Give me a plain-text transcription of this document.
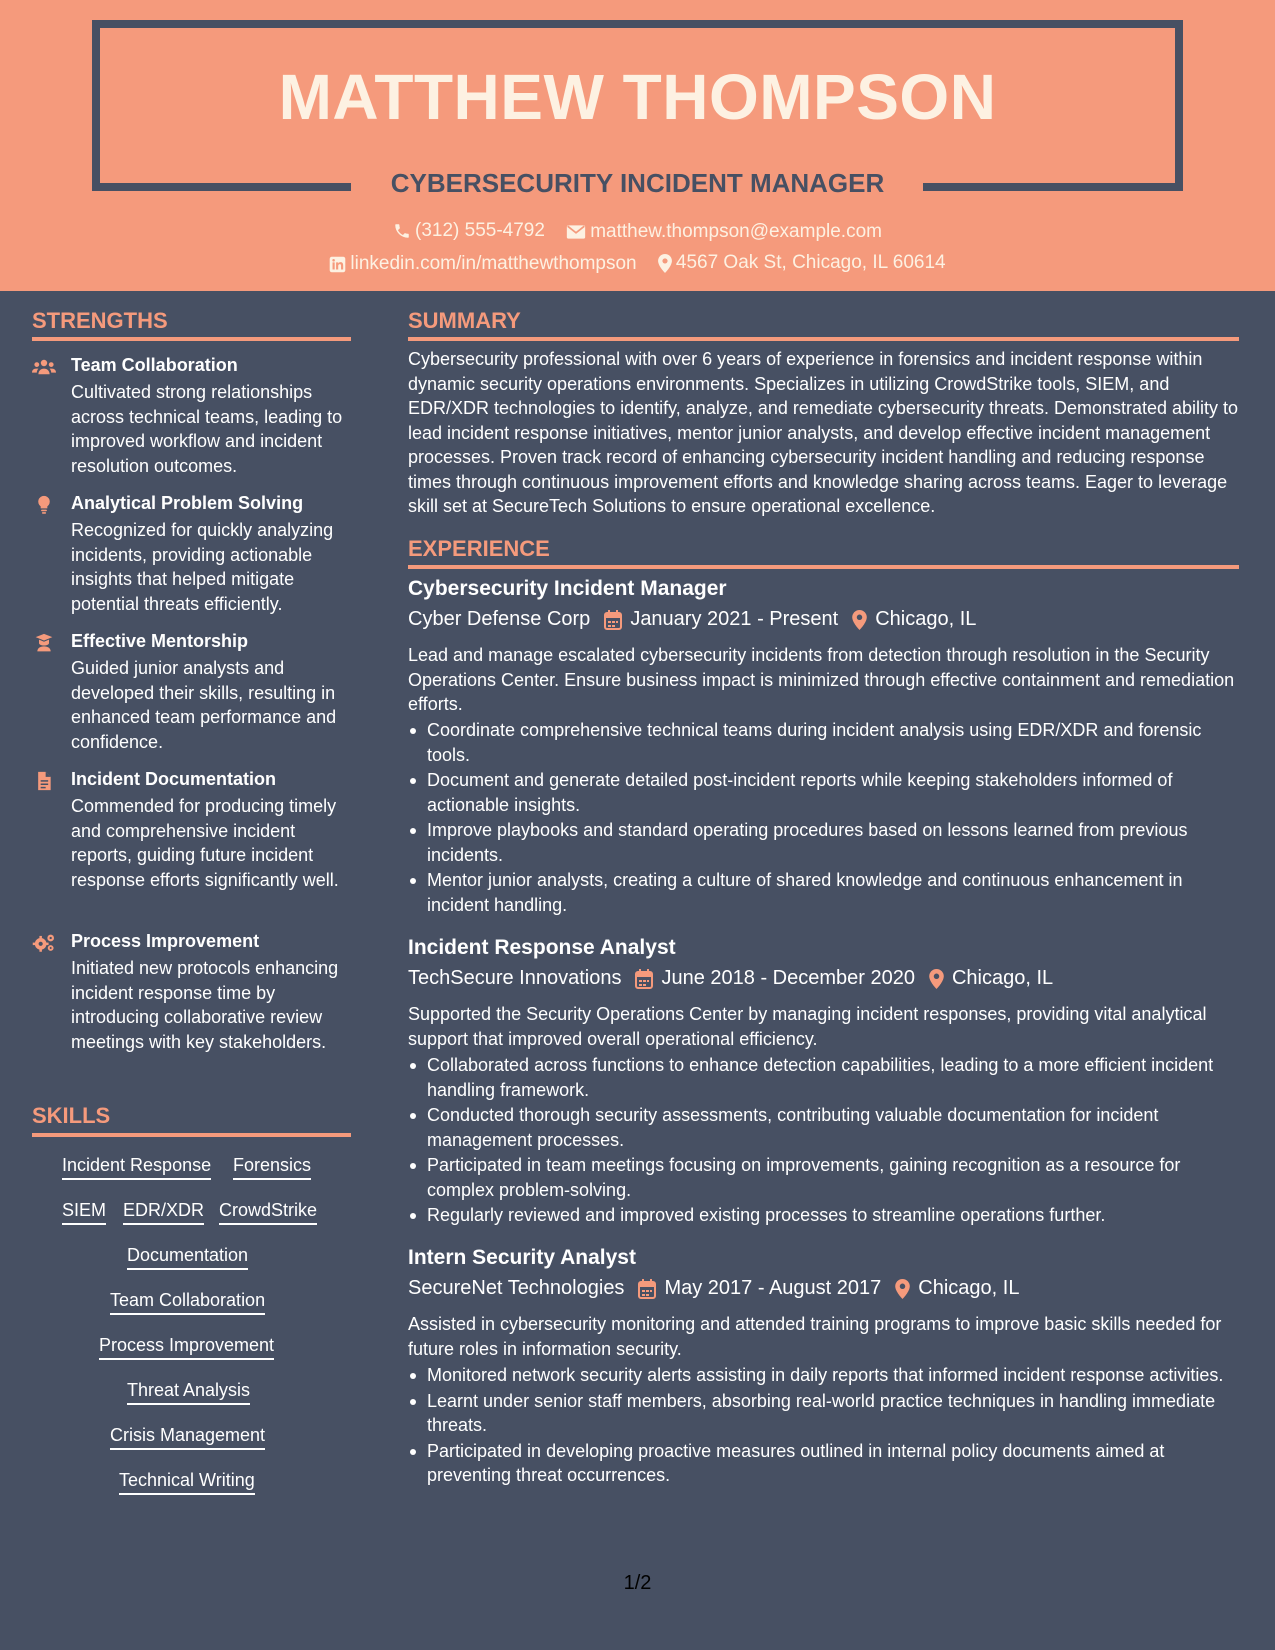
MATTHEW THOMPSON
CYBERSECURITY INCIDENT MANAGER
(312) 555-4792
matthew.thompson@example.com
linkedin.com/in/matthewthompson
4567 Oak St, Chicago, IL 60614
STRENGTHS
Team Collaboration
Cultivated strong relationships across technical teams, leading to improved workflow and incident resolution outcomes.
Analytical Problem Solving
Recognized for quickly analyzing incidents, providing actionable insights that helped mitigate potential threats efficiently.
Effective Mentorship
Guided junior analysts and developed their skills, resulting in enhanced team performance and confidence.
Incident Documentation
Commended for producing timely and comprehensive incident reports, guiding future incident response efforts significantly well.
Process Improvement
Initiated new protocols enhancing incident response time by introducing collaborative review meetings with key stakeholders.
SKILLS
Incident Response Forensics
SIEM EDR/XDR CrowdStrike
Documentation
Team Collaboration
Process Improvement
Threat Analysis
Crisis Management
Technical Writing
SUMMARY
Cybersecurity professional with over 6 years of experience in forensics and incident response within dynamic security operations environments. Specializes in utilizing CrowdStrike tools, SIEM, and EDR/XDR technologies to identify, analyze, and remediate cybersecurity threats. Demonstrated ability to lead incident response initiatives, mentor junior analysts, and develop effective incident management processes. Proven track record of enhancing cybersecurity incident handling and reducing response times through continuous improvement efforts and knowledge sharing across teams. Eager to leverage skill set at SecureTech Solutions to ensure operational excellence.
EXPERIENCE
Cybersecurity Incident Manager
Cyber Defense Corp January 2021 - Present Chicago, IL
Lead and manage escalated cybersecurity incidents from detection through resolution in the Security Operations Center. Ensure business impact is minimized through effective containment and remediation efforts.
Coordinate comprehensive technical teams during incident analysis using EDR/XDR and forensic tools.
Document and generate detailed post-incident reports while keeping stakeholders informed of actionable insights.
Improve playbooks and standard operating procedures based on lessons learned from previous incidents.
Mentor junior analysts, creating a culture of shared knowledge and continuous enhancement in incident handling.
Incident Response Analyst
TechSecure Innovations June 2018 - December 2020 Chicago, IL
Supported the Security Operations Center by managing incident responses, providing vital analytical support that improved overall operational efficiency.
Collaborated across functions to enhance detection capabilities, leading to a more efficient incident handling framework.
Conducted thorough security assessments, contributing valuable documentation for incident management processes.
Participated in team meetings focusing on improvements, gaining recognition as a resource for complex problem-solving.
Regularly reviewed and improved existing processes to streamline operations further.
Intern Security Analyst
SecureNet Technologies May 2017 - August 2017 Chicago, IL
Assisted in cybersecurity monitoring and attended training programs to improve basic skills needed for future roles in information security.
Monitored network security alerts assisting in daily reports that informed incident response activities.
Learnt under senior staff members, absorbing real-world practice techniques in handling immediate threats.
Participated in developing proactive measures outlined in internal policy documents aimed at preventing threat occurrences.
1/2
